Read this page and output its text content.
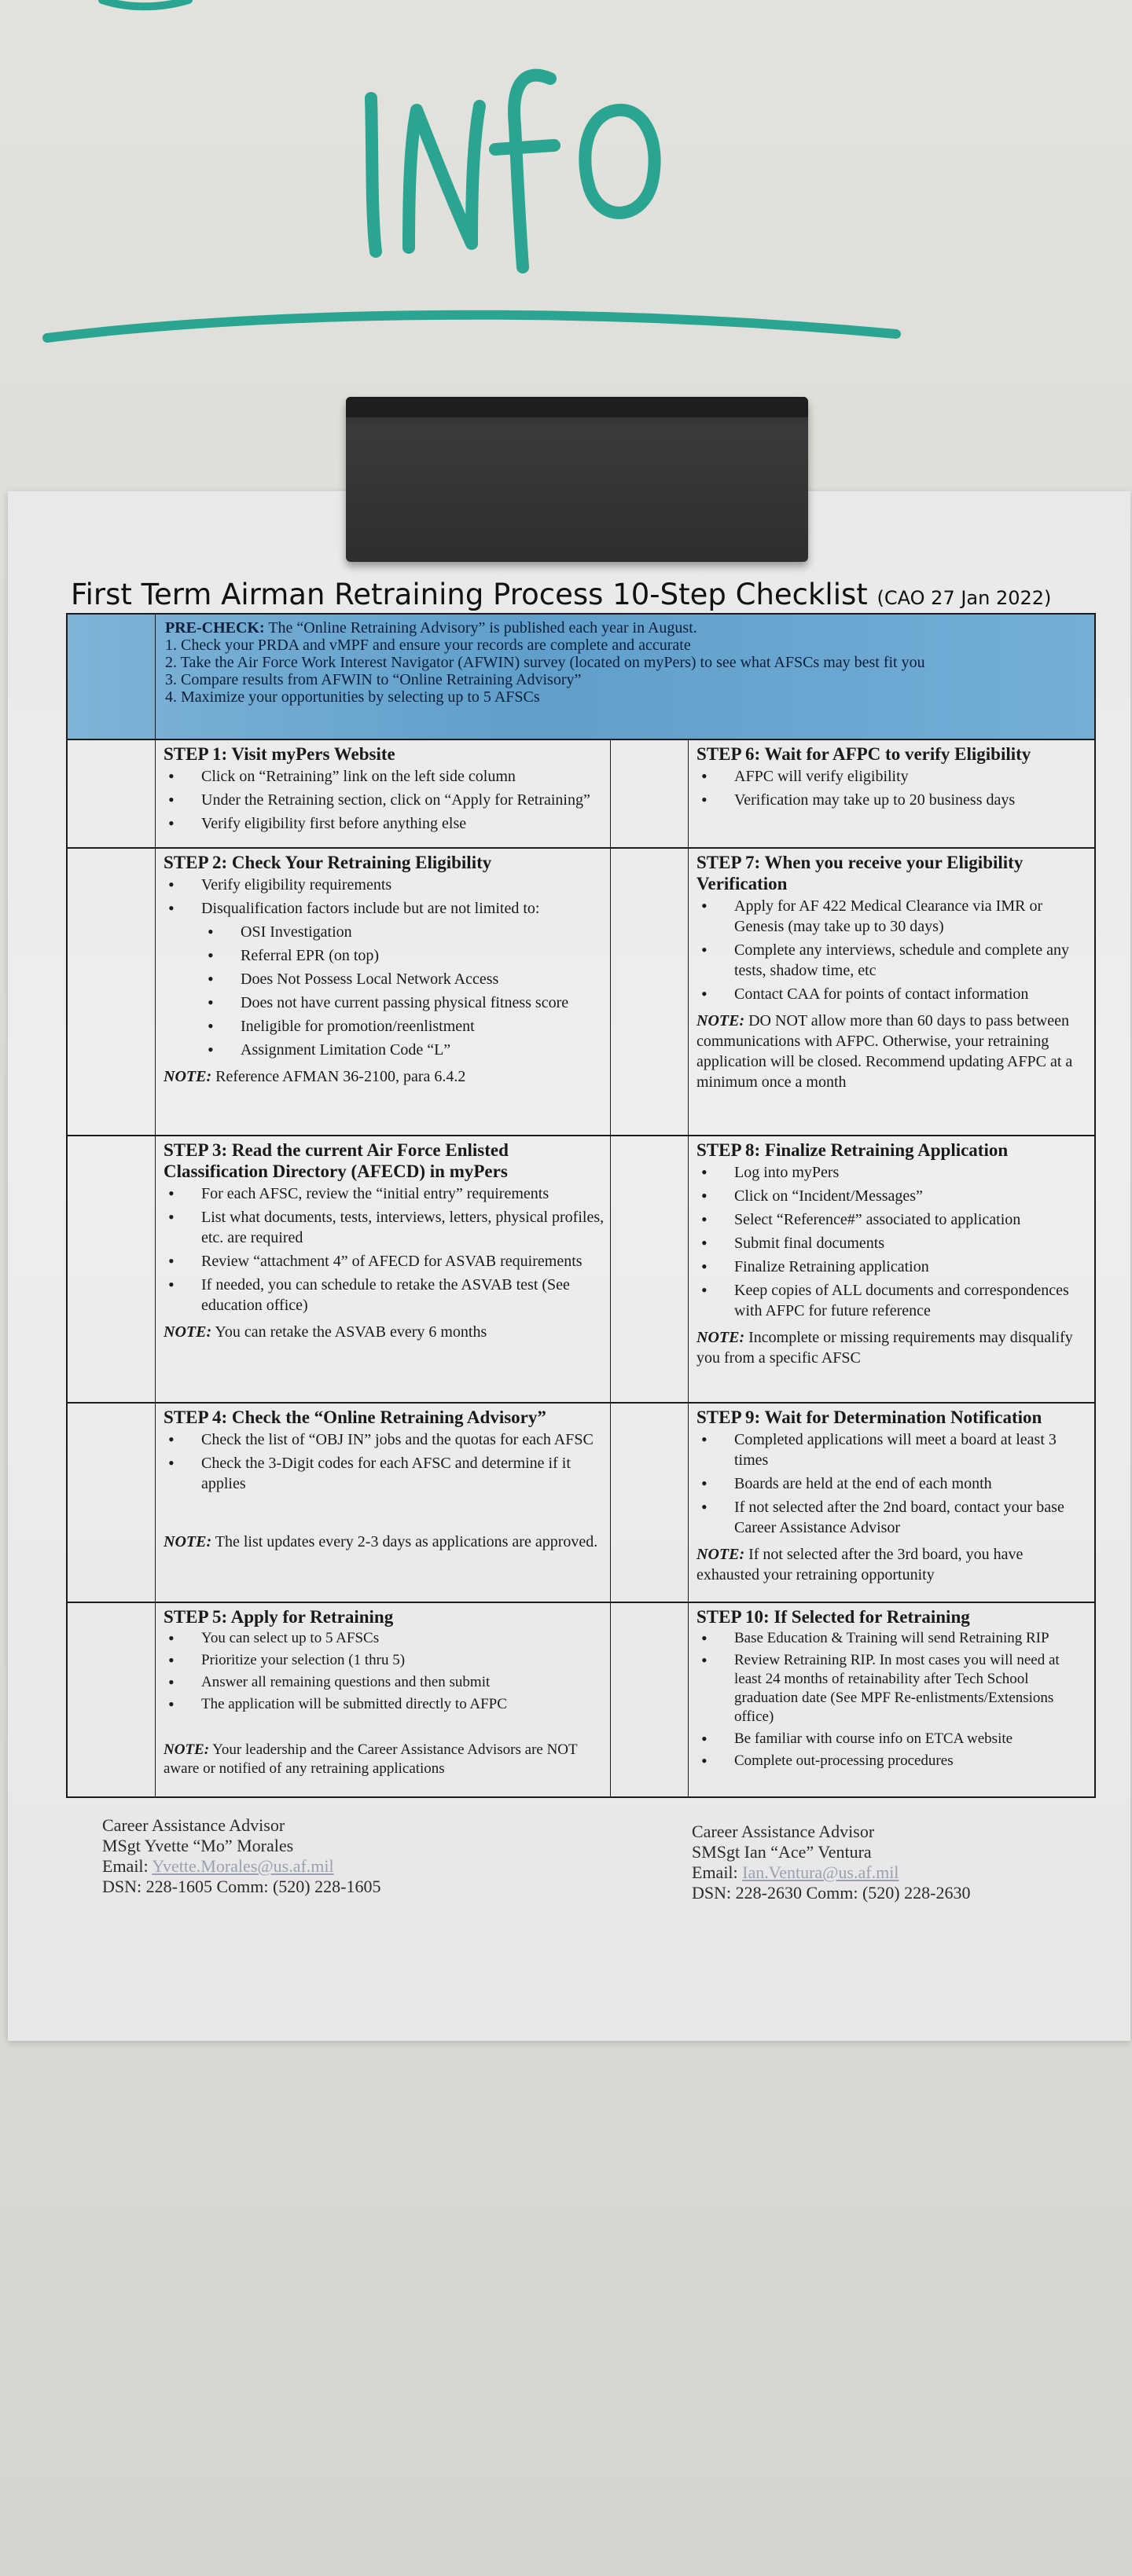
First Term Airman Retraining Process 10-Step Checklist (CAO 27 Jan 2022)
PRE-CHECK: The “Online Retraining Advisory” is published each year in August.
1. Check your PRDA and vMPF and ensure your records are complete and accurate
2. Take the Air Force Work Interest Navigator (AFWIN) survey (located on myPers) to see what AFSCs may best fit you
3. Compare results from AFWIN to “Online Retraining Advisory”
4. Maximize your opportunities by selecting up to 5 AFSCs
STEP 1: Visit myPers Website
• Click on “Retraining” link on the left side column
• Under the Retraining section, click on “Apply for Retraining”
• Verify eligibility first before anything else
STEP 6: Wait for AFPC to verify Eligibility
• AFPC will verify eligibility
• Verification may take up to 20 business days
STEP 2: Check Your Retraining Eligibility
• Verify eligibility requirements
• Disqualification factors include but are not limited to:
• OSI Investigation
• Referral EPR (on top)
• Does Not Possess Local Network Access
• Does not have current passing physical fitness score
• Ineligible for promotion/reenlistment
• Assignment Limitation Code “L”
NOTE: Reference AFMAN 36-2100, para 6.4.2
STEP 7: When you receive your Eligibility Verification
• Apply for AF 422 Medical Clearance via IMR or Genesis (may take up to 30 days)
• Complete any interviews, schedule and complete any tests, shadow time, etc
• Contact CAA for points of contact information
NOTE: DO NOT allow more than 60 days to pass between communications with AFPC. Otherwise, your retraining application will be closed. Recommend updating AFPC at a minimum once a month
STEP 3: Read the current Air Force Enlisted Classification Directory (AFECD) in myPers
• For each AFSC, review the “initial entry” requirements
• List what documents, tests, interviews, letters, physical profiles, etc. are required
• Review “attachment 4” of AFECD for ASVAB requirements
• If needed, you can schedule to retake the ASVAB test (See education office)
NOTE: You can retake the ASVAB every 6 months
STEP 8: Finalize Retraining Application
• Log into myPers
• Click on “Incident/Messages”
• Select “Reference#” associated to application
• Submit final documents
• Finalize Retraining application
• Keep copies of ALL documents and correspondences with AFPC for future reference
NOTE: Incomplete or missing requirements may disqualify you from a specific AFSC
STEP 4: Check the “Online Retraining Advisory”
• Check the list of “OBJ IN” jobs and the quotas for each AFSC
• Check the 3-Digit codes for each AFSC and determine if it applies
NOTE: The list updates every 2-3 days as applications are approved.
STEP 9: Wait for Determination Notification
• Completed applications will meet a board at least 3 times
• Boards are held at the end of each month
• If not selected after the 2nd board, contact your base Career Assistance Advisor
NOTE: If not selected after the 3rd board, you have exhausted your retraining opportunity
STEP 5: Apply for Retraining
• You can select up to 5 AFSCs
• Prioritize your selection (1 thru 5)
• Answer all remaining questions and then submit
• The application will be submitted directly to AFPC
NOTE: Your leadership and the Career Assistance Advisors are NOT aware or notified of any retraining applications
STEP 10: If Selected for Retraining
• Base Education & Training will send Retraining RIP
• Review Retraining RIP. In most cases you will need at least 24 months of retainability after Tech School graduation date (See MPF Re-enlistments/Extensions office)
• Be familiar with course info on ETCA website
• Complete out-processing procedures
Career Assistance Advisor
MSgt Yvette “Mo” Morales
Email: Yvette.Morales@us.af.mil
DSN: 228-1605 Comm: (520) 228-1605
Career Assistance Advisor
SMSgt Ian “Ace” Ventura
Email: Ian.Ventura@us.af.mil
DSN: 228-2630 Comm: (520) 228-2630
